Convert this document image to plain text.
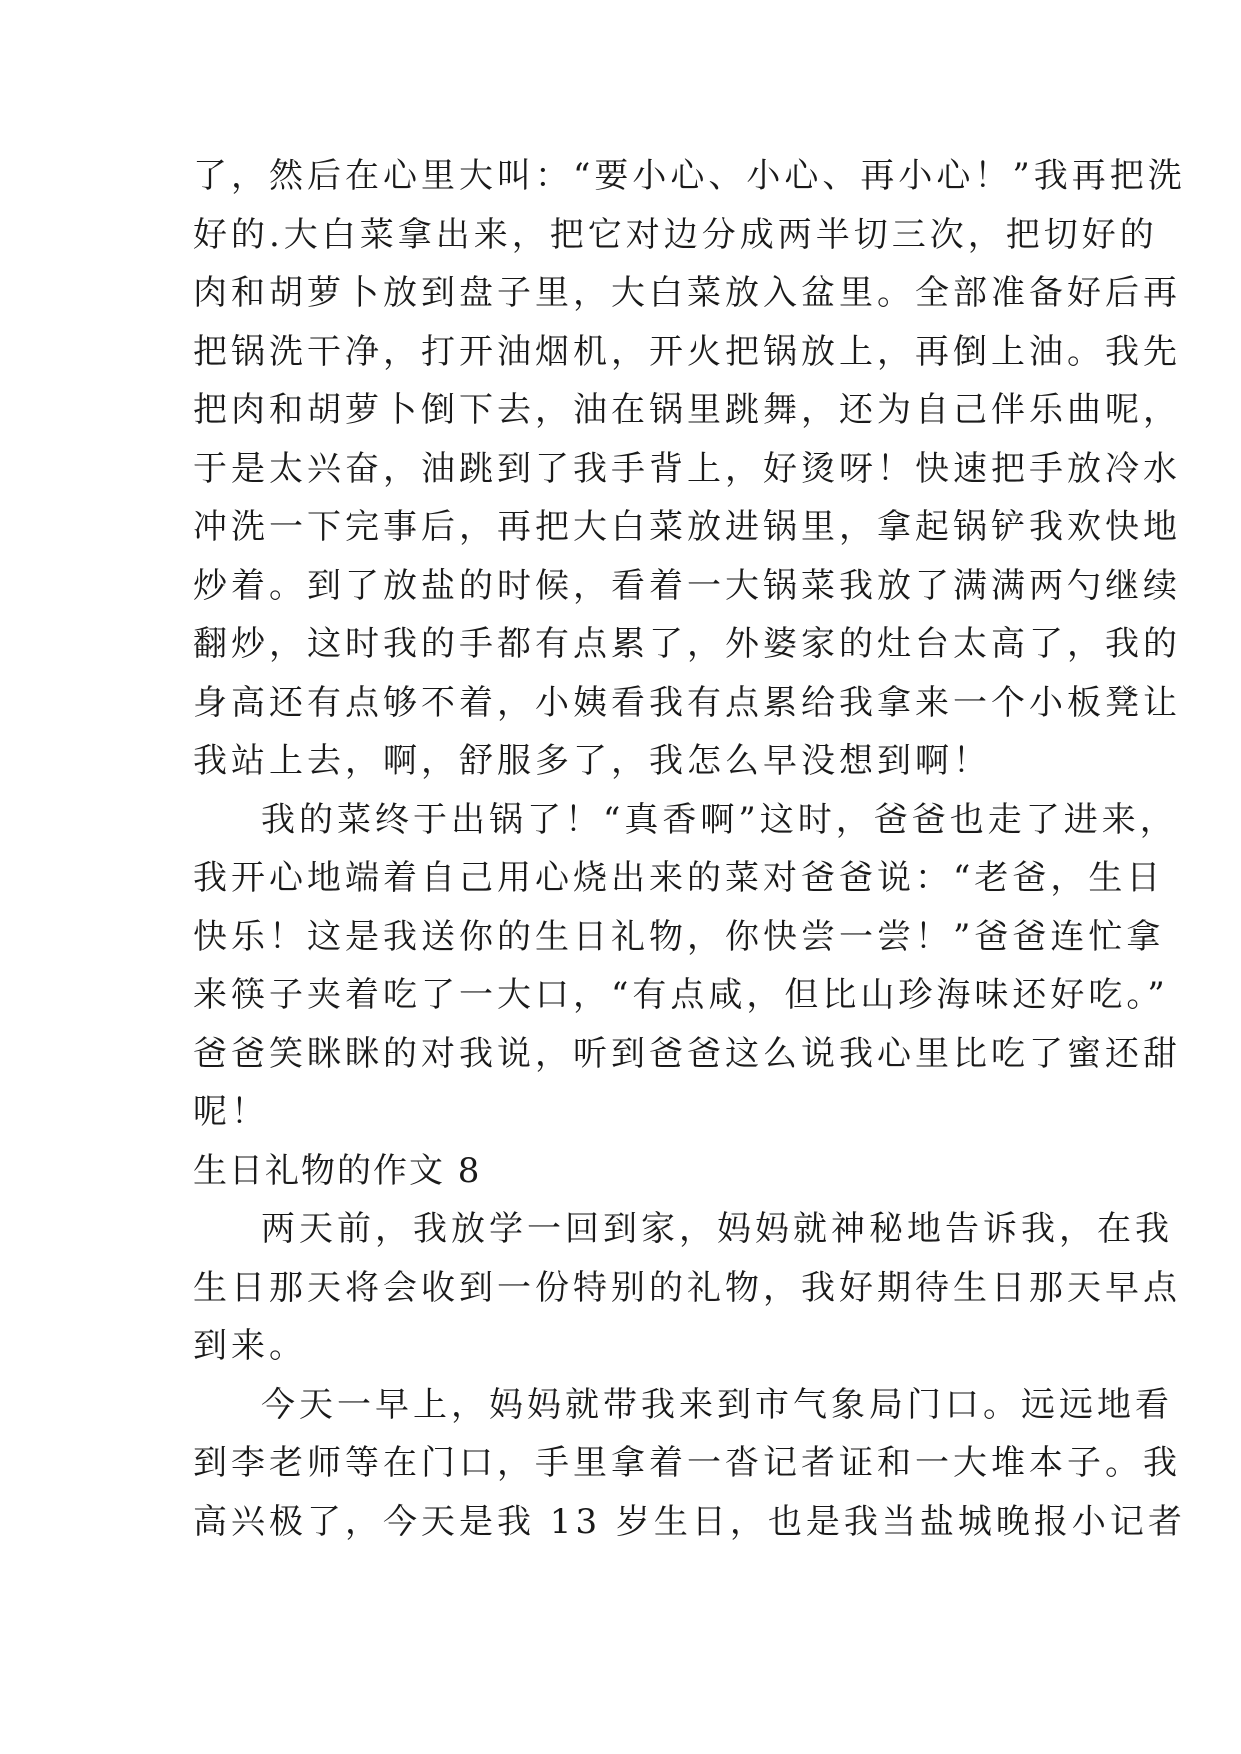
了，然后在心里大叫：“要小心、小心、再小心！”我再把洗
好的.大白菜拿出来，把它对边分成两半切三次，把切好的
肉和胡萝卜放到盘子里，大白菜放入盆里。全部准备好后再
把锅洗干净，打开油烟机，开火把锅放上，再倒上油。我先
把肉和胡萝卜倒下去，油在锅里跳舞，还为自己伴乐曲呢，
于是太兴奋，油跳到了我手背上，好烫呀！快速把手放冷水
冲洗一下完事后，再把大白菜放进锅里，拿起锅铲我欢快地
炒着。到了放盐的时候，看着一大锅菜我放了满满两勺继续
翻炒，这时我的手都有点累了，外婆家的灶台太高了，我的
身高还有点够不着，小姨看我有点累给我拿来一个小板凳让
我站上去，啊，舒服多了，我怎么早没想到啊！
我的菜终于出锅了！“真香啊”这时，爸爸也走了进来，
我开心地端着自己用心烧出来的菜对爸爸说：“老爸，生日
快乐！这是我送你的生日礼物，你快尝一尝！”爸爸连忙拿
来筷子夹着吃了一大口，“有点咸，但比山珍海味还好吃。”
爸爸笑眯眯的对我说，听到爸爸这么说我心里比吃了蜜还甜
呢！
生日礼物的作文 8
两天前，我放学一回到家，妈妈就神秘地告诉我，在我
生日那天将会收到一份特别的礼物，我好期待生日那天早点
到来。
今天一早上，妈妈就带我来到市气象局门口。远远地看
到李老师等在门口，手里拿着一沓记者证和一大堆本子。我
高兴极了，今天是我 13 岁生日，也是我当盐城晚报小记者
